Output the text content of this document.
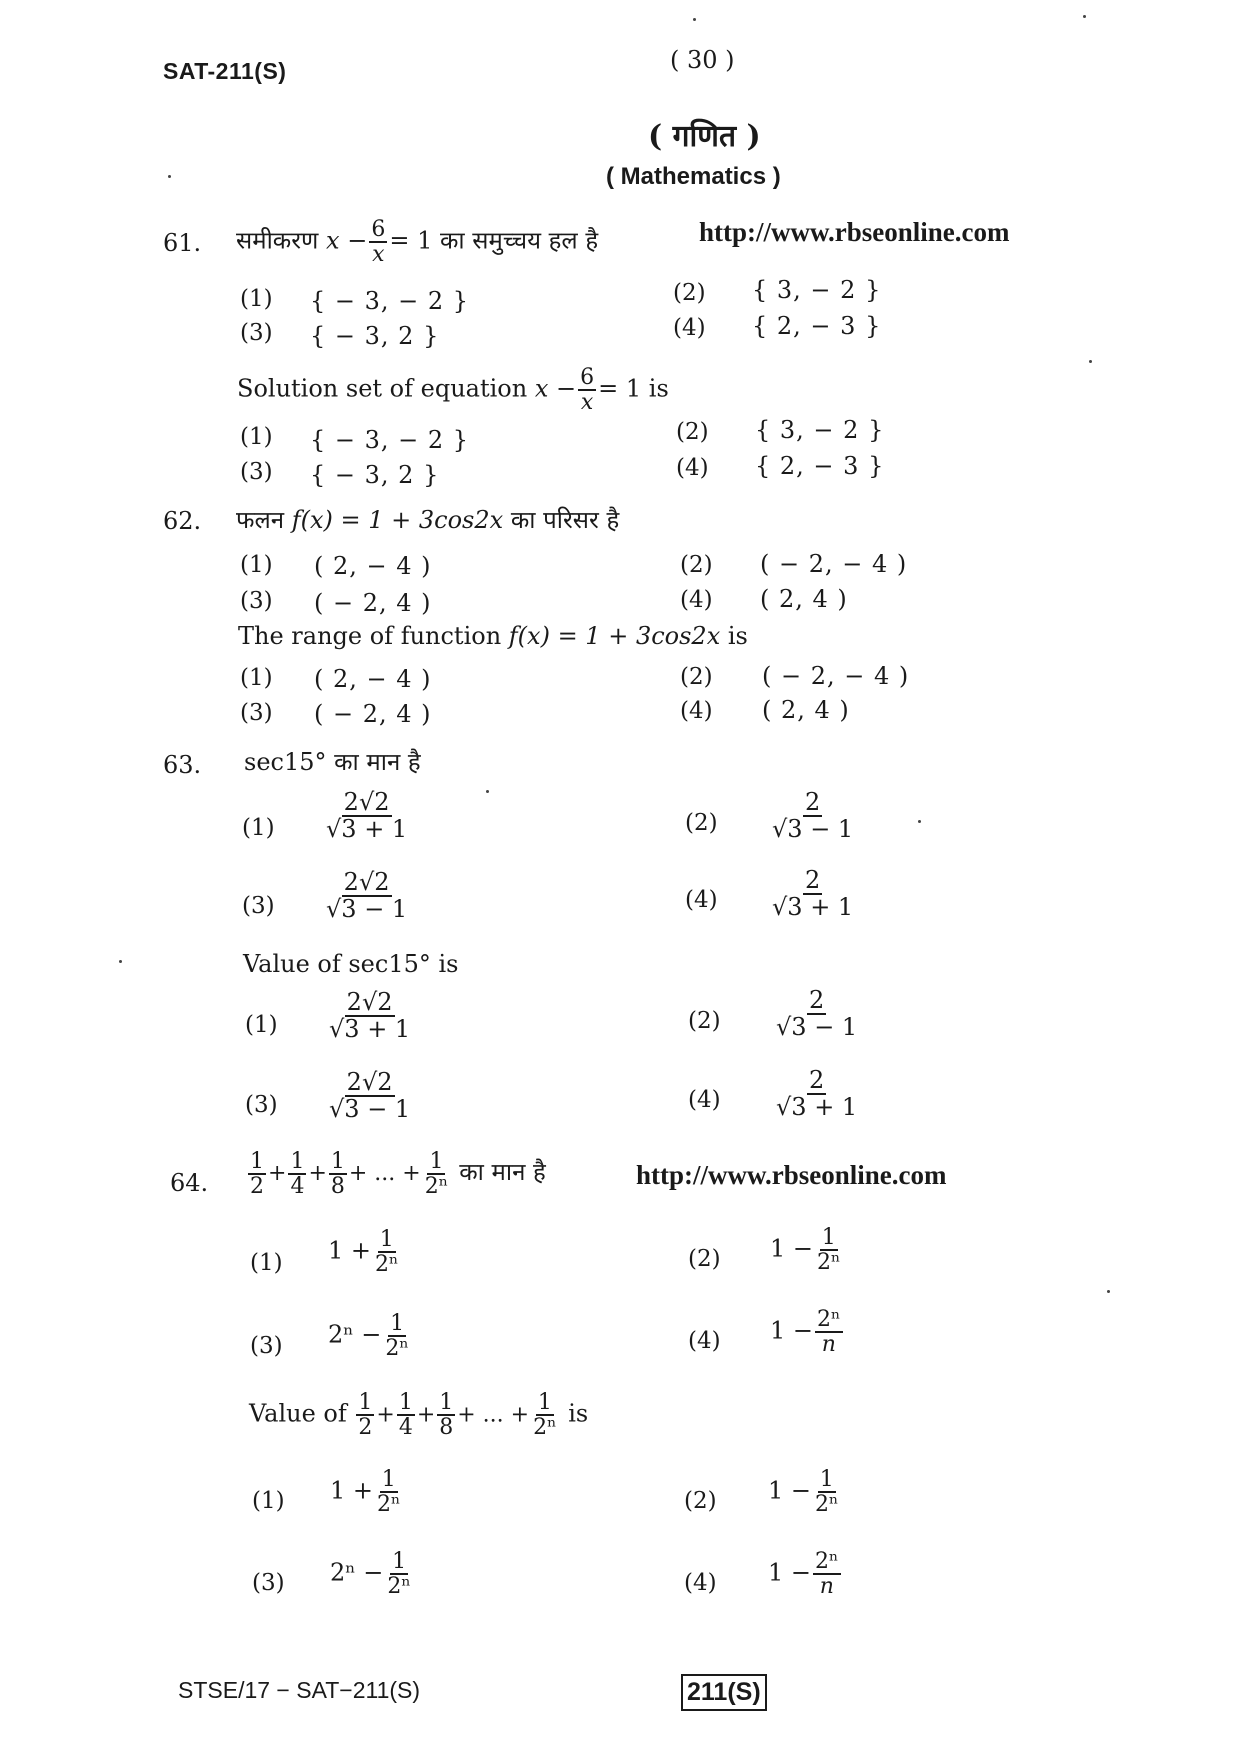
SAT-211(S)	( 30 )
( गणित )
( Mathematics )
61. समीकरण $x - \frac{6}{x} = 1$ का समुच्चय हल है	http://www.rbseonline.com
(1) { − 3, − 2 }	(2) { 3, − 2 }
(3) { − 3, 2 }	(4) { 2, − 3 }
Solution set of equation $x - \frac{6}{x} = 1$ is
(1) { − 3, − 2 }	(2) { 3, − 2 }
(3) { − 3, 2 }	(4) { 2, − 3 }
62. फलन f(x) = 1 + 3cos2x का परिसर है
(1) ( 2, − 4 )	(2) ( − 2, − 4 )
(3) ( − 2, 4 )	(4) ( 2, 4 )
The range of function f(x) = 1 + 3cos2x is
(1) ( 2, − 4 )	(2) ( − 2, − 4 )
(3) ( − 2, 4 )	(4) ( 2, 4 )
63. sec15° का मान है
$(1) \frac{2√2}{√3 + 1}$	$(2) \frac{2}{√3 - 1}$
$(3) \frac{2√2}{√3 - 1}$	$(4) \frac{2}{√3 + 1}$
Value of sec15° is
$(1) \frac{2√2}{√3 + 1}$	$(2) \frac{2}{√3 - 1}$
$(3) \frac{2√2}{√3 - 1}$	$(4) \frac{2}{√3 + 1}$
64. $\frac{1}{2} + \frac{1}{4} + \frac{1}{8}$ + ... + $\frac{1}{\text{2ⁿ}}$ का मान है	http://www.rbseonline.com
(1) $1 + \frac{1}{\text{2ⁿ}}$	(2) $1 - \frac{1}{\text{2ⁿ}}$
(3) $2^n - \frac{1}{\text{2ⁿ}}$	(4) $1 - \frac{\text{2ⁿ}}{n}$
Value of $\frac{1}{2} + \frac{1}{4} + \frac{1}{8}$ + ... + $\frac{1}{\text{2ⁿ}}$ is
(1) $1 + \frac{1}{\text{2ⁿ}}$	(2) $1 - \frac{1}{\text{2ⁿ}}$
(3) $2^n - \frac{1}{\text{2ⁿ}}$	(4) $1 - \frac{\text{2ⁿ}}{n}$
STSE/17 − SAT−211(S)	211(S)
